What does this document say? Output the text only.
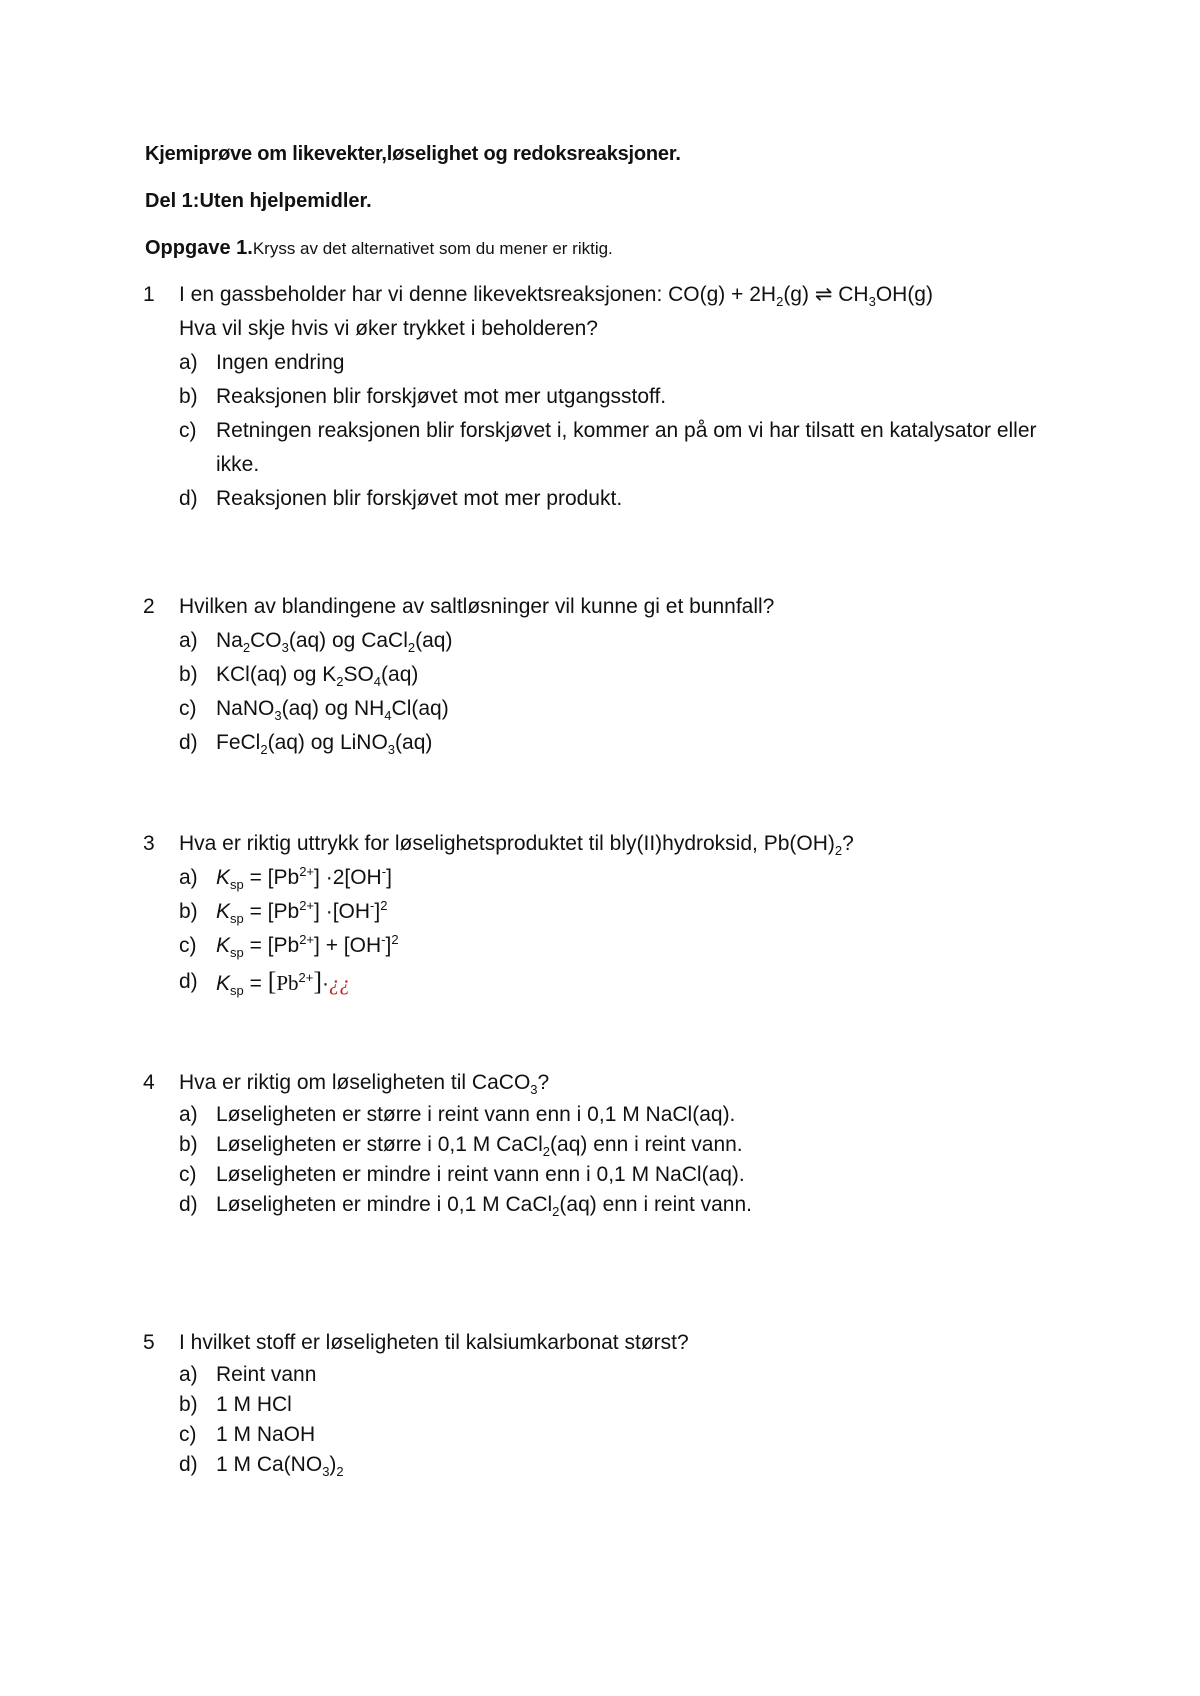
Kjemiprøve om likevekter,løselighet og redoksreaksjoner.
Del 1:Uten hjelpemidler.
Oppgave 1.Kryss av det alternativet som du mener er riktig.
1	I en gassbeholder har vi denne likevektsreaksjonen: $CO(g) + 2H_2(g)$ ⇌ $CH_3OH(g)$
Hva vil skje hvis vi øker trykket i beholderen?
a) Ingen endring
b) Reaksjonen blir forskjøvet mot mer utgangsstoff.
c) Retningen reaksjonen blir forskjøvet i, kommer an på om vi har tilsatt en katalysator eller
ikke.
d) Reaksjonen blir forskjøvet mot mer produkt.
2	Hvilken av blandingene av saltløsninger vil kunne gi et bunnfall?
a) $Na_2CO_3(aq)$ og CaCl$_2$(aq)
b) KCl(aq) og $K_2SO_4(aq)$
c) NaNO$_3$(aq) og $NH_4Cl(aq)$
d) FeCl$_2$(aq) og LiNO$_3$(aq)
3	Hva er riktig uttrykk for løselighetsproduktet til bly(II)hydroksid, $Pb(OH)_2$?
a) $K_{sp} = [Pb^{2+}] \cdot 2[OH^-]$
b) $K_{sp} = [Pb^{2+}] \cdot[OH^-]^2$
c) $K_{sp} = [Pb^{2+}] + [OH^-]^2$
d) $K_{sp}$ = $[Pb^{2+}]\cdot¿¿$
4	Hva er riktig om løseligheten til CaCO$_3$?
a) Løseligheten er større i reint vann enn i 0,1 M NaCl(aq).
b) Løseligheten er større i 0,1 M CaCl$_2$(aq) enn i reint vann.
c) Løseligheten er mindre i reint vann enn i 0,1 M NaCl(aq).
d) Løseligheten er mindre i 0,1 M CaCl$_2$(aq) enn i reint vann.
5	I hvilket stoff er løseligheten til kalsiumkarbonat størst?
a) Reint vann
b) 1 M HCl
c) 1 M NaOH
d) 1 M $Ca(NO_3)_2$
